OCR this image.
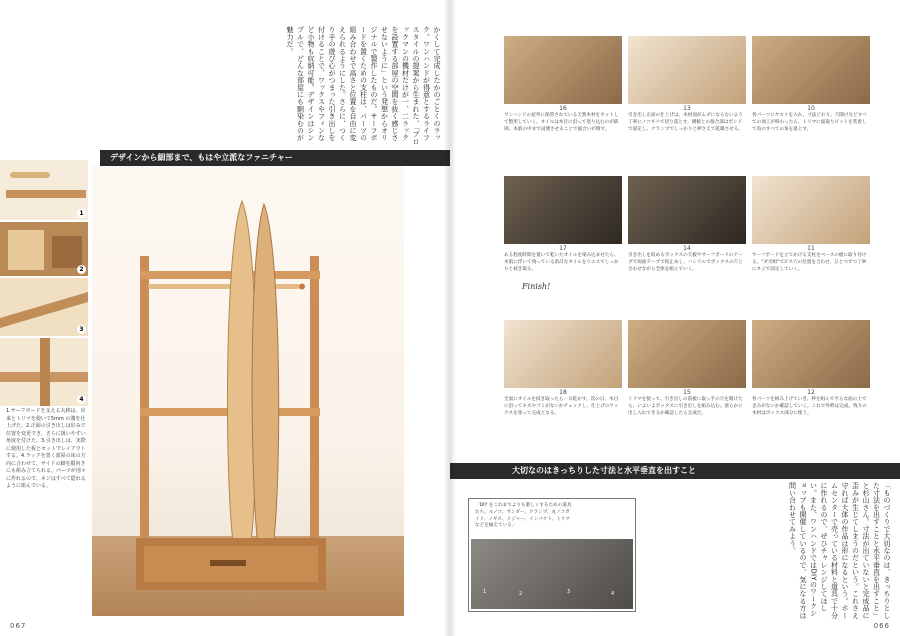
かくして完成したかのごとくのラック。ワンハンドが得意とするライフスタイルの提案から生まれた、「ブロックマンの機材だけが一、二ラックを設置する部屋の空間を抜く感じさせないように」という発想からオリジナルで製作したものだ。サーフボードを置くための支柱は、パーツの組み合わせで高さと位置を自由に変えられるようにした。さらに、つくり手の遊び心がつまった引き出しを付けることで、ワックスやフィンなど小物も収納可能。デザインはシンプルで、どんな部屋にも馴染むのが魅力だ。
デザインから細部まで、もはや立派なファニチャー
1
2
3
4
1.サーフボードを支える丸棒は、出来とトリマを使いて5mm の溝を仕上げた。2.正面の引き出しは好みで位置を変更でき、さらに扱いやすい角度を付けた。3.引き出しは、実際に使用した板とセットでレイアウトする。4.ラックを置く部屋の床の方向に合わせて、サイドの脚を縦向きにも組み立てられる。パーツが別々に作れるので、ネジはすべて隠れるように組んでいる。
067
16
ワンハンドの屋外に保管されている天然木材をカットして整形していく。オイルは木目に沿って塗り込むのが鉄則。木肌の中まで浸透させることで風合いが増す。
13
引き出し正面の仕上げは、木材面がムダにならないよう丁寧にノコギリで切り落とす。側板との接合部はボンドで固定し、クランプでしっかりと押さえて乾燥させる。
10
各パーツにヤスリを入れ、寸法どおり、穴開けなどすべての加工が終わったら、トリマに面取りビットを装着して角のすべての角を落とす。
17
ある程度時間を置いて乾いたオイルを染み込ませたら、木肌に浮いて残っている余計なオイルをウエスでしっかりと拭き取る。
14
引き出しを収めるボックスの天板やサーフボードのテーブで両面テープで仮止めし、ハンドルでボックスの穴と合わせながら全体を組んでいく。
11
サーフボードを立てかける支柱をベースの板に取り付ける。"ダボ組"でビス穴の位置を合わせ、ひとつずつ丁寧にネジで固定していく。
18
全面にオイルを拭き取ったら一日乾かす。次の日、木目に沿ってキズやゴミがないかチェックし、仕上げのワックスを塗って完成となる。
15
トリマを使って、引き出しの前板に取っ手の穴を開けたら、いよいよボックスに引き出しを組み込む。滑らかに出し入れできるか確認したら完成だ。
12
各パーツを組み上げていき、枠を組んで平らな面の上で歪みがないか確認していく。これで外枠は完成。残りの木材はボックス部分に使う。
Finish!
大切なのはきっちりした寸法と水平垂直を出すこと
「DIY をこれまでよりも楽しくするための道具たち。ルノコ、サンダー、クランプ、丸ノコガイド、ノギス、メジャー、インパクト、トリマなどを揃えている」
1	2	3	4	「ものづくりで大切なのは、きっちりとした寸法を出すことと水平垂直を出すこと」と杉山さん。寸法が出ていないと完成品に歪みが生じてしまうのだという。これさえ守れば大体の作品は形になるという。ホームセンターで売っている材料と道具で十分に作れるので、ぜひチャレンジしてほしい。また、ワンハンドではDIYのワークショップも開催しているので、気になる方は問い合わせてみよう。
066
